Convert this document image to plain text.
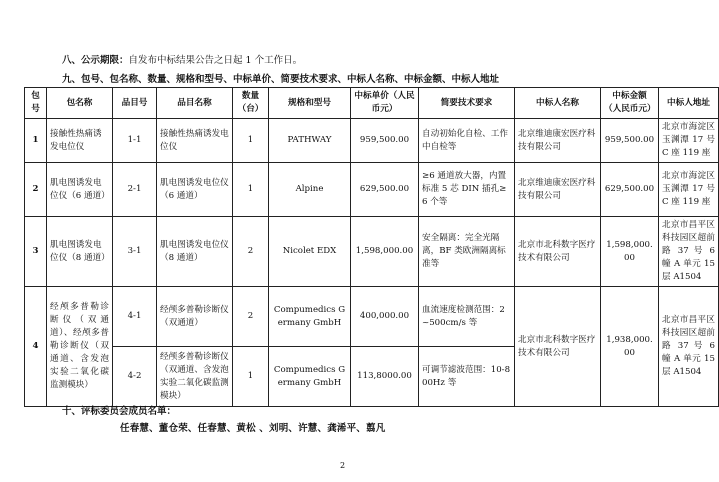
八、公示期限：自发布中标结果公告之日起 1 个工作日。
九、包号、包名称、数量、规格和型号、中标单价、简要技术要求、中标人名称、中标金额、中标人地址
包号	包名称	品目号	品目名称	数量（台）	规格和型号	中标单价（人民币元）	简要技术要求	中标人名称	中标金额（人民币元）	中标人地址
1	接触性热痛诱发电位仪	1-1	接触性热痛诱发电位仪	1	PATHWAY	959,500.00	自动初始化自检、工作中自检等	北京维迪康宏医疗科技有限公司	959,500.00	北京市海淀区玉渊潭 17 号 C 座 119 座
2	肌电图诱发电位仪（6 通道）	2-1	肌电图诱发电位仪（6 通道）	1	Alpine	629,500.00	≥6 通道放大器，内置标准 5 芯 DIN 插孔≥6 个等	北京维迪康宏医疗科技有限公司	629,500.00	北京市海淀区玉渊潭 17 号 C 座 119 座
3	肌电图诱发电位仪（8 通道）	3-1	肌电图诱发电位仪（8 通道）	2	Nicolet EDX	1,598,000.00	安全隔离：完全光隔离，BF 类欧洲隔离标准等	北京市北科数字医疗技术有限公司	1,598,000.00	北京市昌平区科技园区超前路 37 号 6 幢 A 单元 15 层 A1504
4	经颅多普勒诊断仪（双通道）、经颅多普勒诊断仪（双通道、含发泡实验二氧化碳监测模块）	4-1	经颅多普勒诊断仪（双通道）	2	Compumedics Germany GmbH	400,000.00	血流速度检测范围：2~500cm/s 等	北京市北科数字医疗技术有限公司	1,938,000.00	北京市昌平区科技园区超前路 37 号 6 幢 A 单元 15 层 A1504
		4-2	经颅多普勒诊断仪（双通道、含发泡实验二氧化碳监测模块）	1	Compumedics Germany GmbH	113,8000.00	可调节滤波范围：10-800Hz 等			
十、评标委员会成员名单：
任春慧、董仓荣、任春慧、黄松 、刘明、许慧、龚浠平、翦凡
2
